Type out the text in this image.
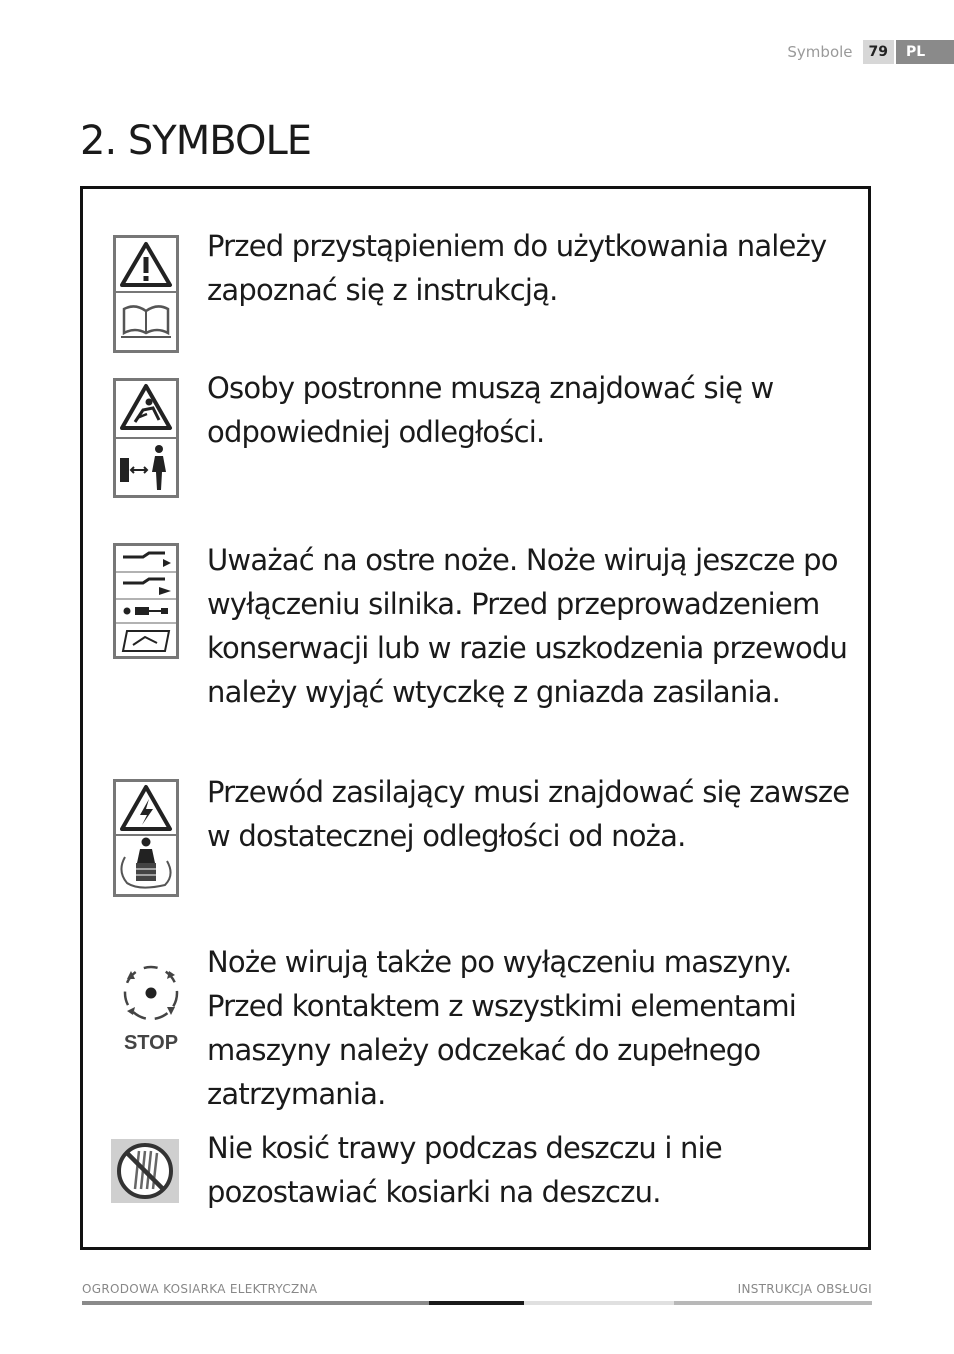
Symbole	79	PL
2. SYMBOLE

Przed przystąpieniem do użytkowania należy zapoznać się z instrukcją.

Osoby postronne muszą znajdować się w odpowiedniej odległości.

Uważać na ostre noże. Noże wirują jeszcze po wyłączeniu silnika. Przed przeprowadzeniem konserwacji lub w razie uszkodzenia przewodu należy wyjąć wtyczkę z gniazda zasilania.

Przewód zasilający musi znajdować się zawsze w dostatecznej odległości od noża.

STOP

Noże wirują także po wyłączeniu maszyny. Przed kontaktem z wszystkimi elementami maszyny należy odczekać do zupełnego zatrzymania.

Nie kosić trawy podczas deszczu i nie pozostawiać kosiarki na deszczu.

OGRODOWA KOSIARKA ELEKTRYCZNA	INSTRUKCJA OBSŁUGI
